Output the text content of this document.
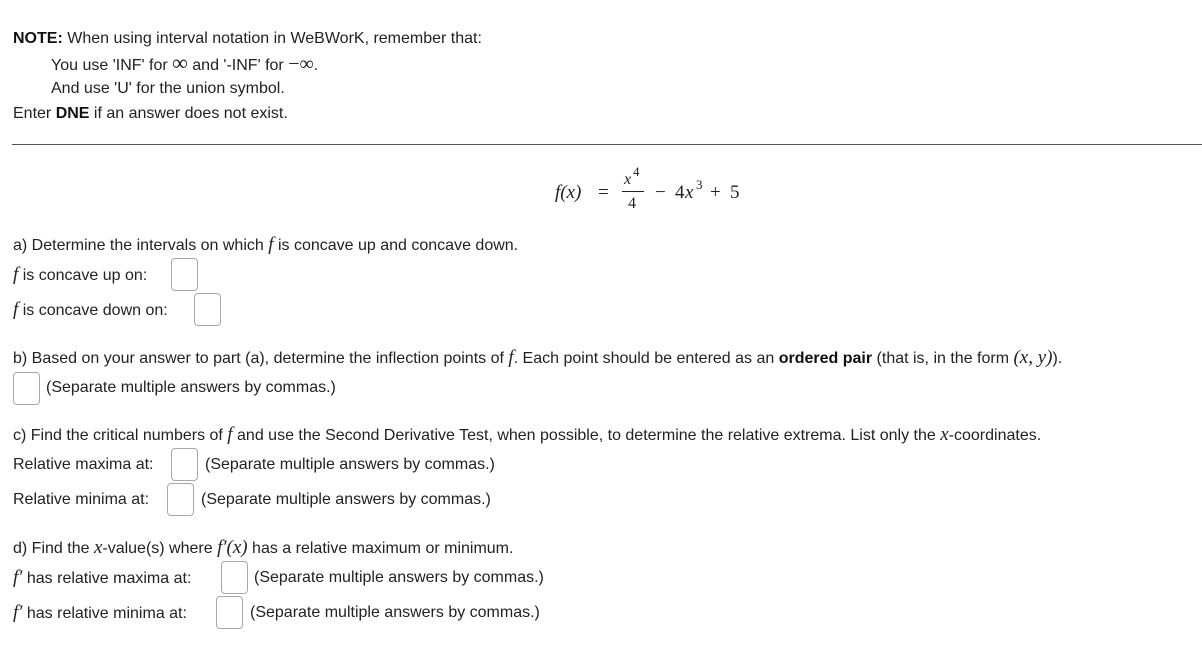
NOTE: When using interval notation in WeBWorK, remember that:
You use 'INF' for ∞ and '-INF' for −∞.
And use 'U' for the union symbol.
Enter DNE if an answer does not exist.
f(x) =
x 4
4
− 4 x 3 + 5
a) Determine the intervals on which f is concave up and concave down.
f is concave up on:
f is concave down on:
b) Based on your answer to part (a), determine the inflection points of f. Each point should be entered as an ordered pair (that is, in the form (x, y)).
(Separate multiple answers by commas.)
c) Find the critical numbers of f and use the Second Derivative Test, when possible, to determine the relative extrema. List only the x-coordinates.
Relative maxima at:	(Separate multiple answers by commas.)
Relative minima at:	(Separate multiple answers by commas.)
d) Find the x-value(s) where f′(x) has a relative maximum or minimum.
f′ has relative maxima at:	(Separate multiple answers by commas.)
f′ has relative minima at:	(Separate multiple answers by commas.)
